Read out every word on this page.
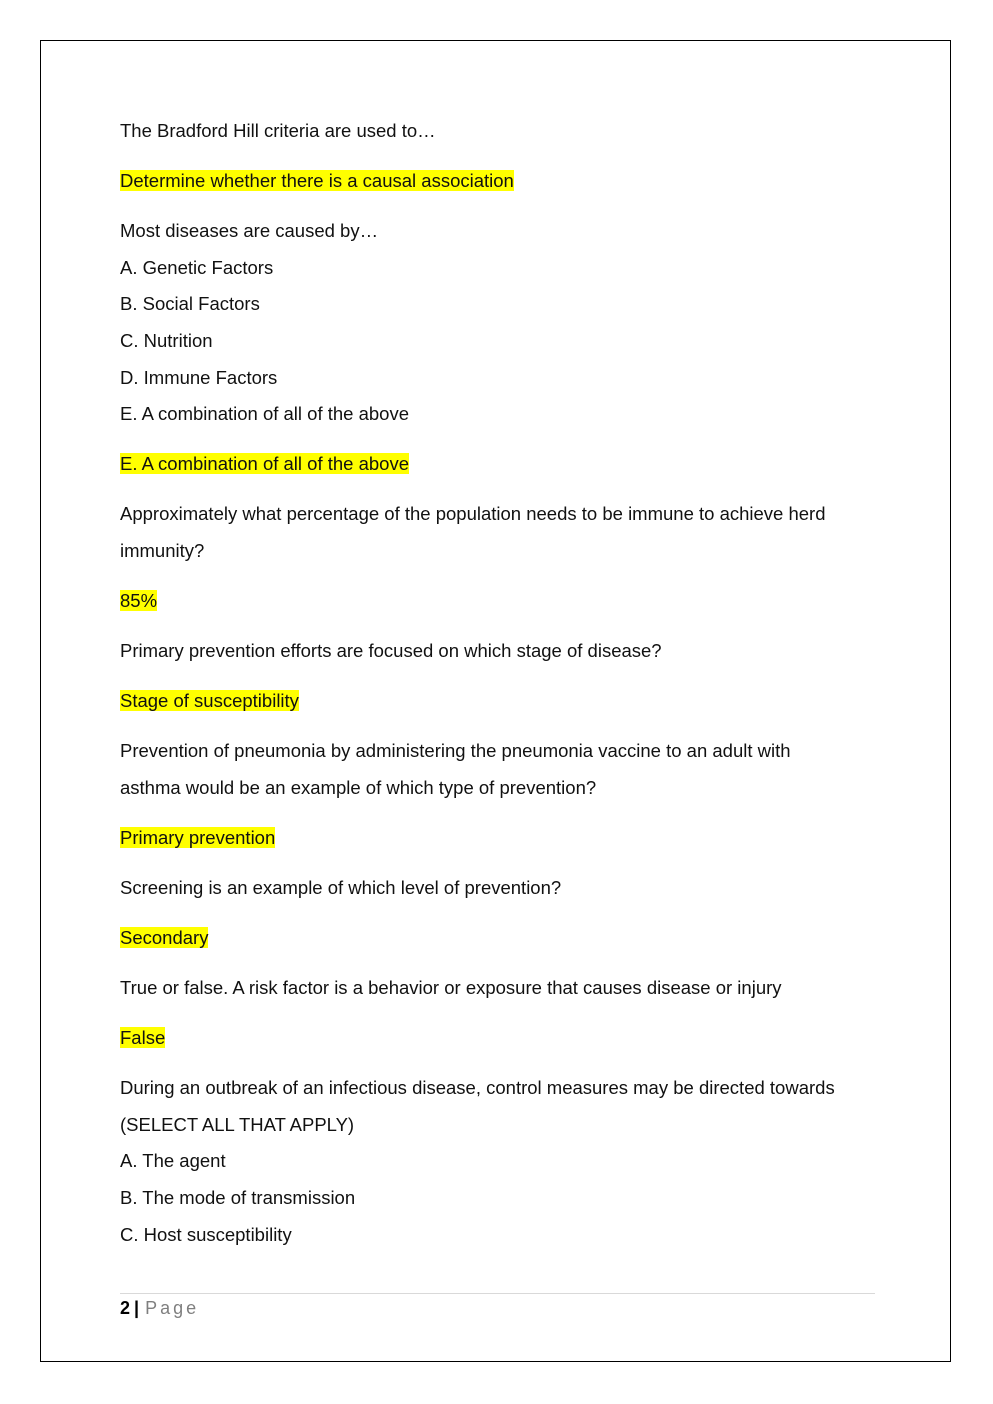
The Bradford Hill criteria are used to…
Determine whether there is a causal association
Most diseases are caused by…
A. Genetic Factors
B. Social Factors
C. Nutrition
D. Immune Factors
E. A combination of all of the above
E. A combination of all of the above
Approximately what percentage of the population needs to be immune to achieve herd
immunity?
85%
Primary prevention efforts are focused on which stage of disease?
Stage of susceptibility
Prevention of pneumonia by administering the pneumonia vaccine to an adult with
asthma would be an example of which type of prevention?
Primary prevention
Screening is an example of which level of prevention?
Secondary
True or false. A risk factor is a behavior or exposure that causes disease or injury
False
During an outbreak of an infectious disease, control measures may be directed towards
(SELECT ALL THAT APPLY)
A. The agent
B. The mode of transmission
C. Host susceptibility
2 | Page
